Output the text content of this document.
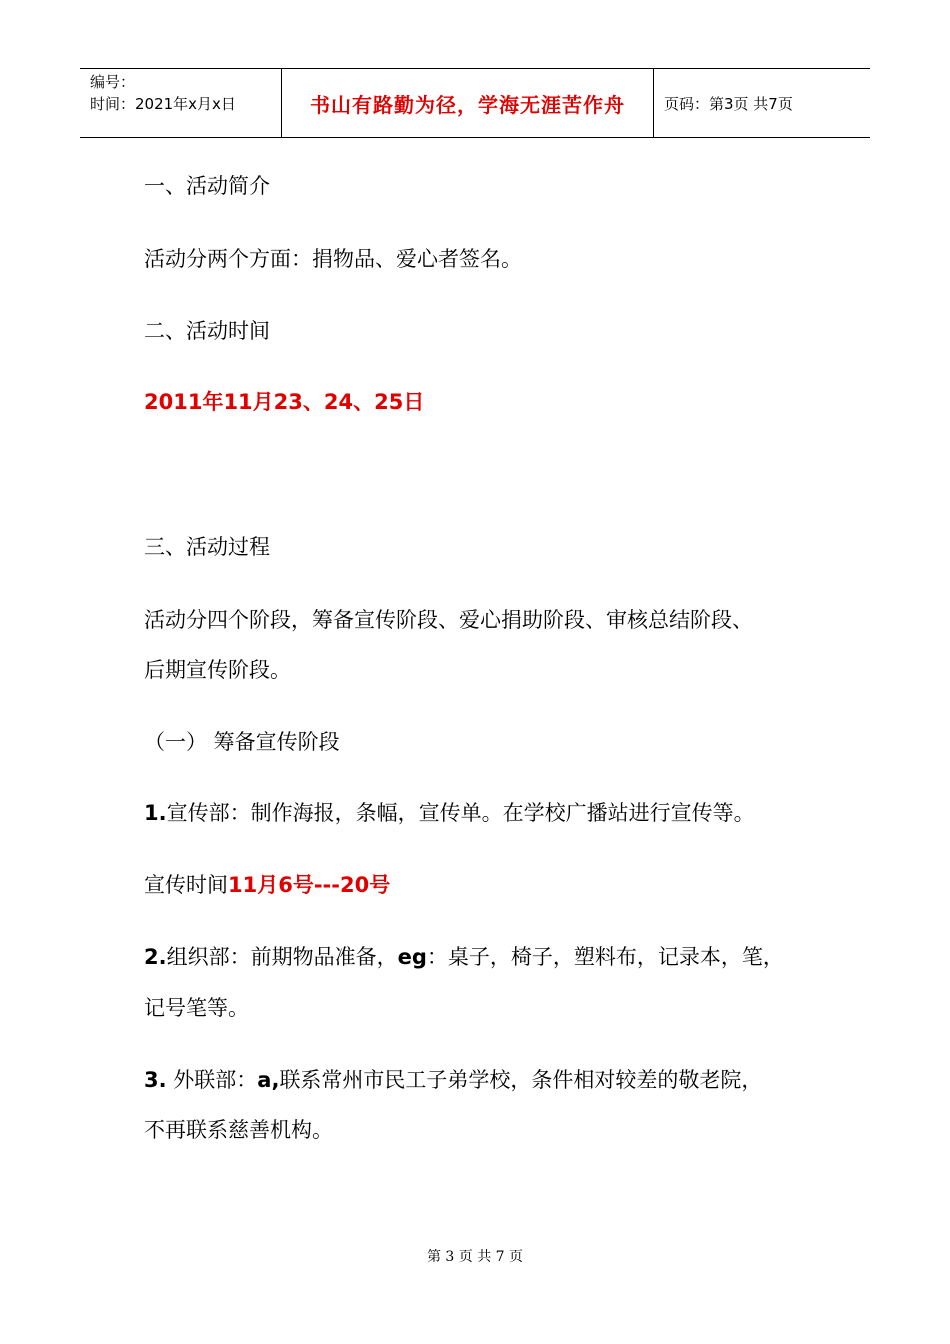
编号：
时间：2021年x月x日	书山有路勤为径，学海无涯苦作舟	页码：第3页 共7页
一、活动简介
活动分两个方面：捐物品、爱心者签名。
二、活动时间
2011年11月23、24、25日
三、活动过程
活动分四个阶段，筹备宣传阶段、爱心捐助阶段、审核总结阶段、
后期宣传阶段。
（一） 筹备宣传阶段
1.宣传部：制作海报，条幅，宣传单。在学校广播站进行宣传等。
宣传时间11月6号---20号
2.组织部：前期物品准备，eg：桌子，椅子，塑料布，记录本，笔，
记号笔等。
3. 外联部：a,联系常州市民工子弟学校，条件相对较差的敬老院，
不再联系慈善机构。
第 3 页 共 7 页
